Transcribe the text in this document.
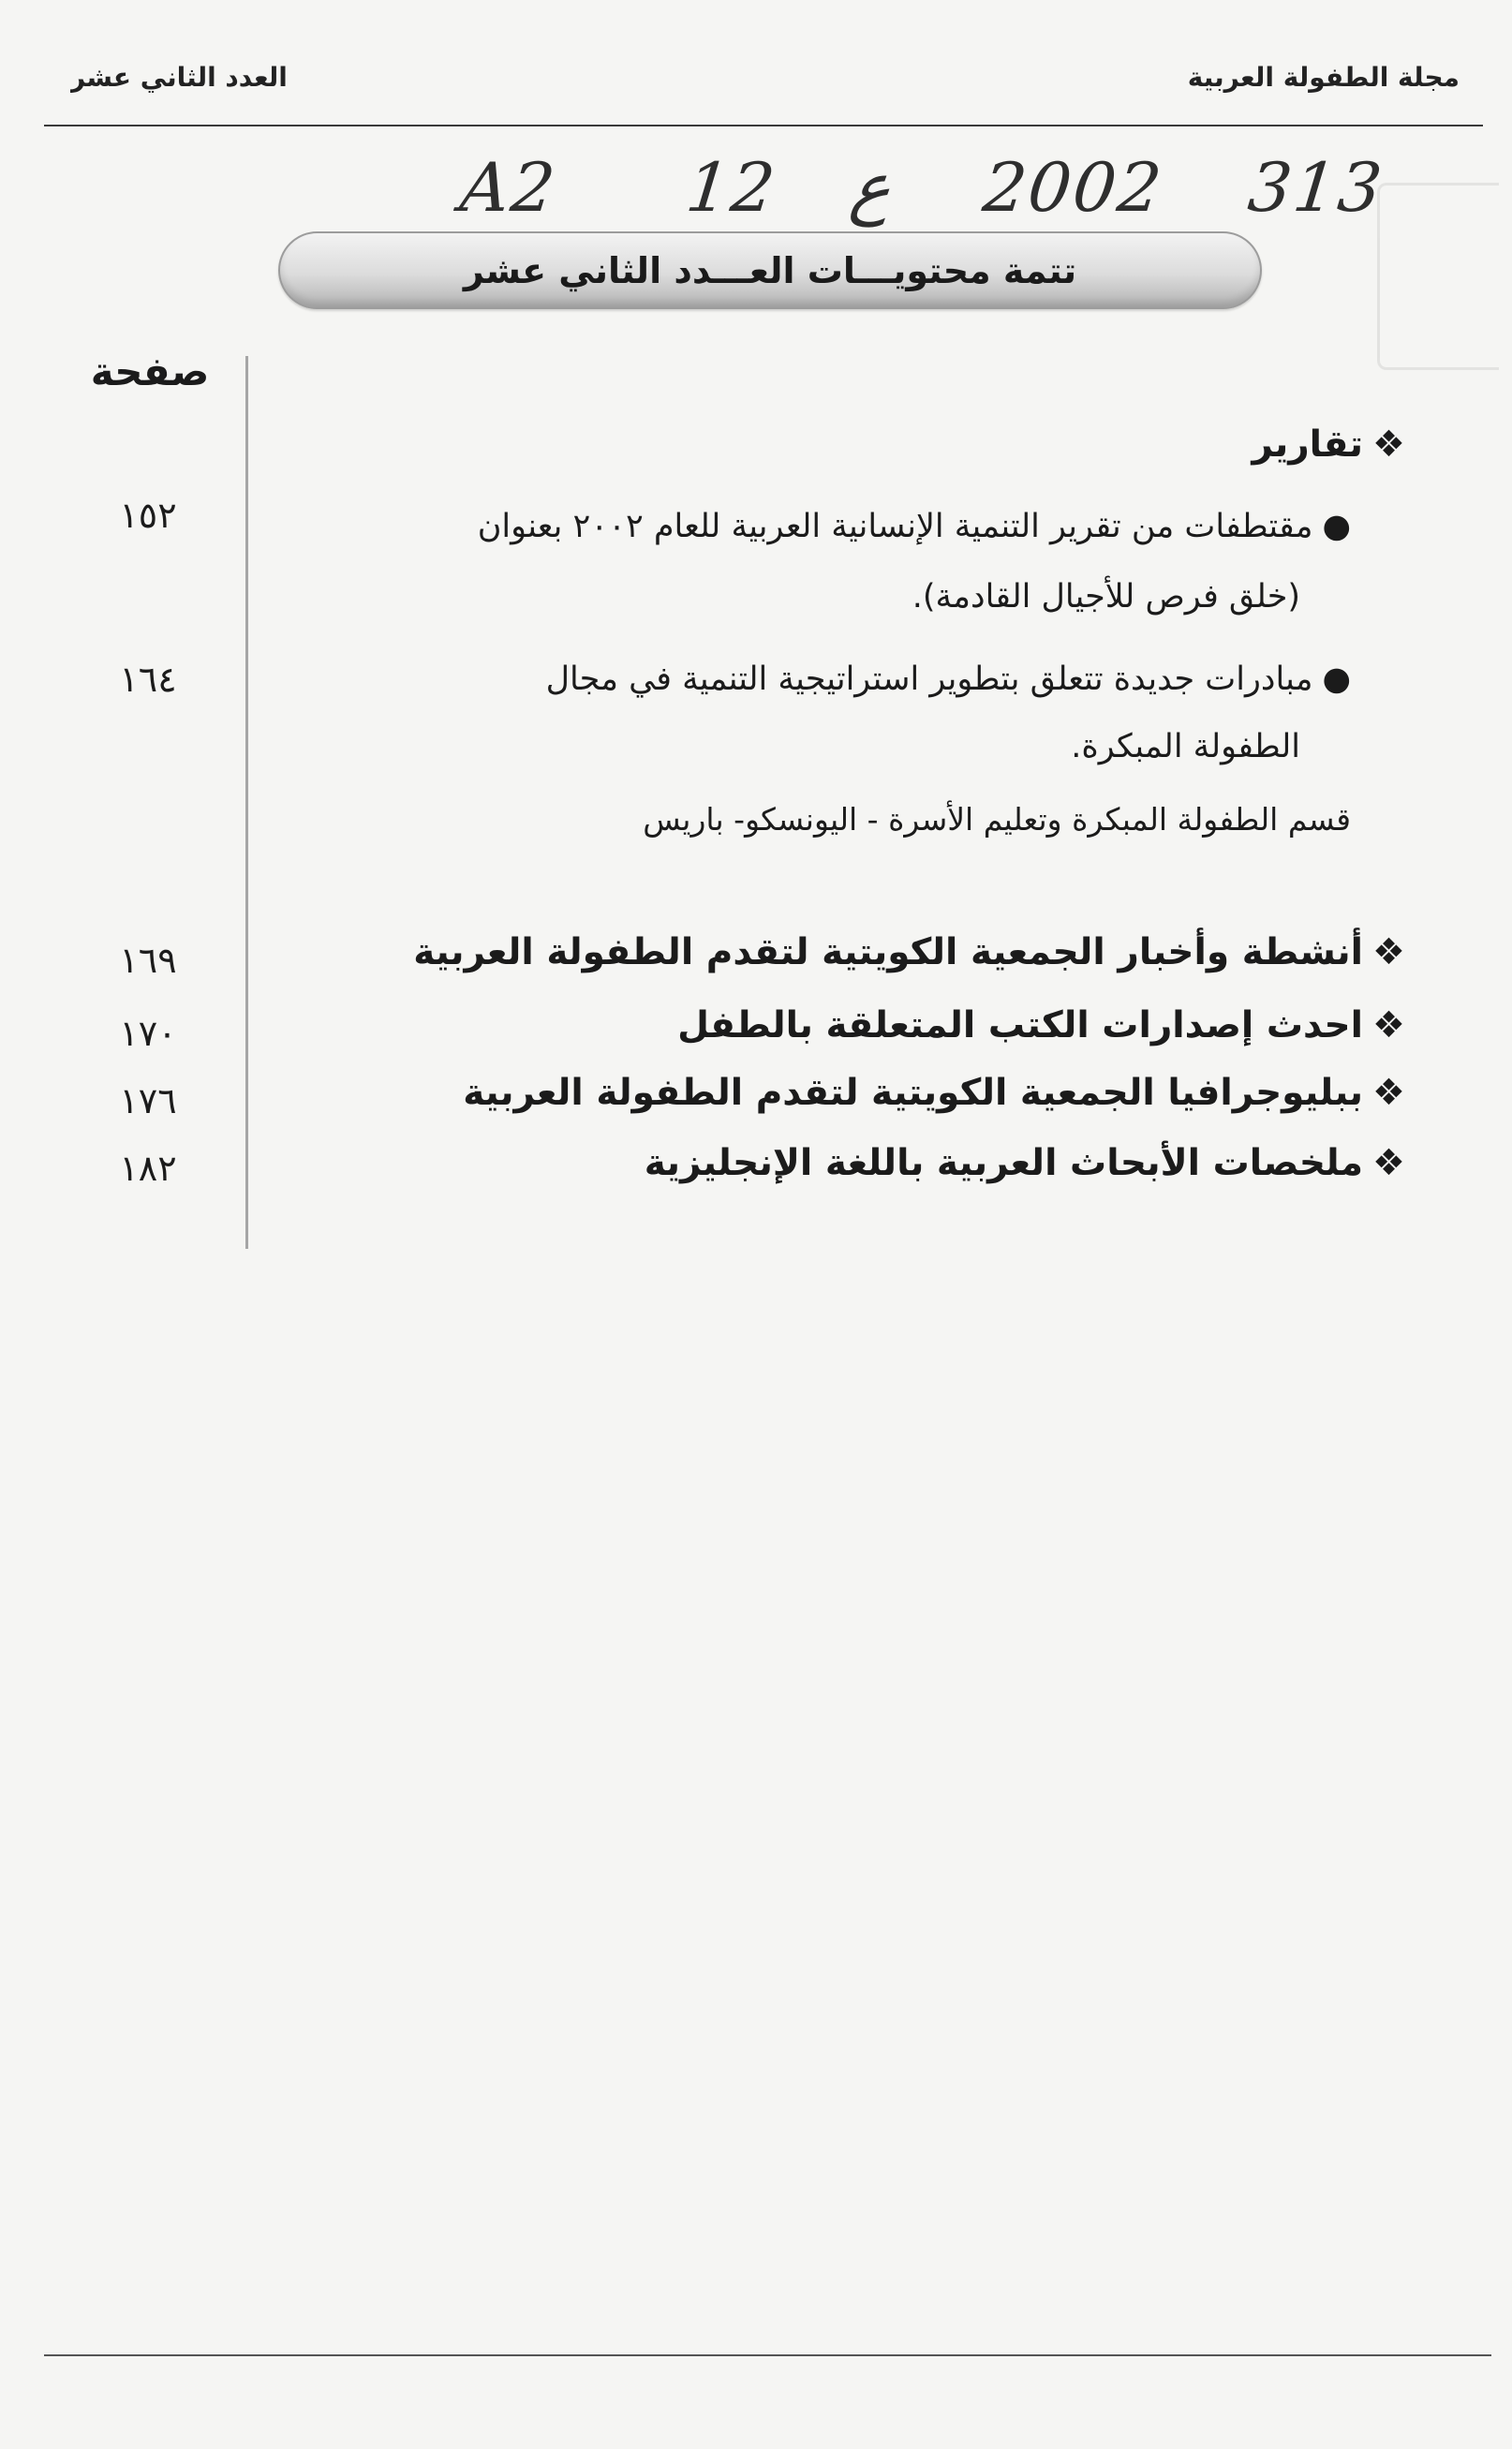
مجلة الطفولة العربية
العدد الثاني عشر
A2 12 ع 2002 313
تتمة محتويـــات العـــدد الثاني عشر
صفحة
❖تقارير
●مقتطفات من تقرير التنمية الإنسانية العربية للعام ٢٠٠٢ بعنوان
(خلق فرص للأجيال القادمة).
١٥٢
●مبادرات جديدة تتعلق بتطوير استراتيجية التنمية في مجال
الطفولة المبكرة.
١٦٤
قسم الطفولة المبكرة وتعليم الأسرة - اليونسكو- باريس
❖أنشطة وأخبار الجمعية الكويتية لتقدم الطفولة العربية
١٦٩
❖احدث إصدارات الكتب المتعلقة بالطفل
١٧٠
❖ببليوجرافيا الجمعية الكويتية لتقدم الطفولة العربية
١٧٦
❖ملخصات الأبحاث العربية باللغة الإنجليزية
١٨٢
